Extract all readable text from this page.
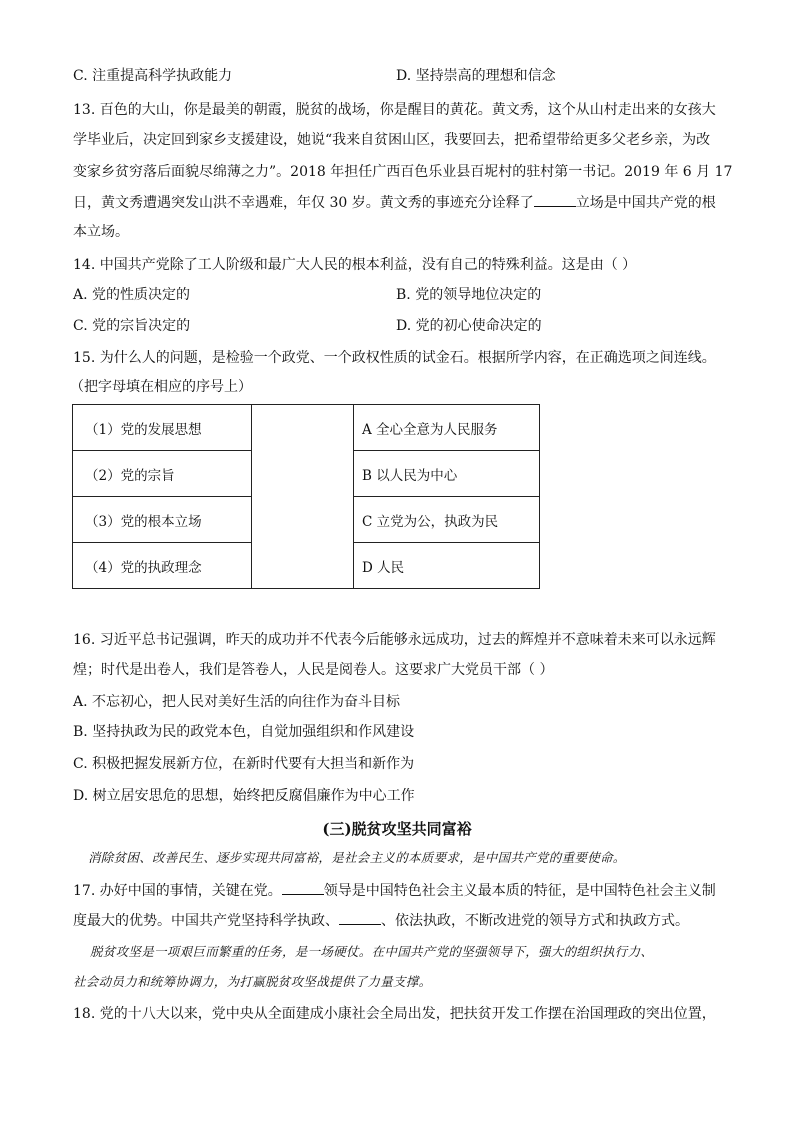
C. 注重提高科学执政能力	D. 坚持崇高的理想和信念
13. 百色的大山，你是最美的朝霞，脱贫的战场，你是醒目的黄花。黄文秀，这个从山村走出来的女孩大
学毕业后，决定回到家乡支援建设，她说“我来自贫困山区，我要回去，把希望带给更多父老乡亲，为改
变家乡贫穷落后面貌尽绵薄之力”。2018 年担任广西百色乐业县百坭村的驻村第一书记。2019 年 6 月 17
日，黄文秀遭遇突发山洪不幸遇难，年仅 30 岁。黄文秀的事迹充分诠释了	立场是中国共产党的根
本立场。
14. 中国共产党除了工人阶级和最广大人民的根本利益，没有自己的特殊利益。这是由（ ）
A. 党的性质决定的	B. 党的领导地位决定的
C. 党的宗旨决定的	D. 党的初心使命决定的
15. 为什么人的问题，是检验一个政党、一个政权性质的试金石。根据所学内容，在正确选项之间连线。
（把字母填在相应的序号上）
（1）党的发展思想		A 全心全意为人民服务
（2）党的宗旨		B 以人民为中心
（3）党的根本立场		C 立党为公，执政为民
（4）党的执政理念		D 人民
16. 习近平总书记强调，昨天的成功并不代表今后能够永远成功，过去的辉煌并不意味着未来可以永远辉
煌；时代是出卷人，我们是答卷人，人民是阅卷人。这要求广大党员干部（ ）
A. 不忘初心，把人民对美好生活的向往作为奋斗目标
B. 坚持执政为民的政党本色，自觉加强组织和作风建设
C. 积极把握发展新方位，在新时代要有大担当和新作为
D. 树立居安思危的思想，始终把反腐倡廉作为中心工作
(三)脱贫攻坚共同富裕
消除贫困、改善民生、逐步实现共同富裕，是社会主义的本质要求，是中国共产党的重要使命。
17. 办好中国的事情，关键在党。	领导是中国特色社会主义最本质的特征，是中国特色社会主义制
度最大的优势。中国共产党坚持科学执政、	、依法执政，不断改进党的领导方式和执政方式。
脱贫攻坚是一项艰巨而繁重的任务，是一场硬仗。在中国共产党的坚强领导下，强大的组织执行力、
社会动员力和统筹协调力，为打赢脱贫攻坚战提供了力量支撑。
18. 党的十八大以来，党中央从全面建成小康社会全局出发，把扶贫开发工作摆在治国理政的突出位置，
